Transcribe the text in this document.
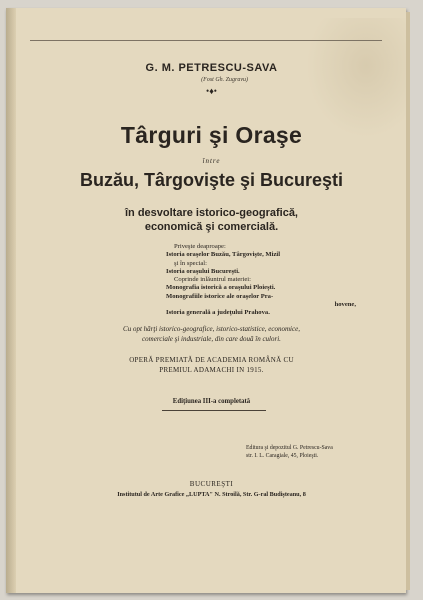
G. M. PETRESCU-SAVA
(Fost Gh. Zugravu)
•♦•
Târguri şi Oraşe
între
Buzău, Târgovişte şi Bucureşti
în desvoltare istorico-geografică,
economică şi comercială.
Priveşte deaproape:
Istoria oraşelor Buzău, Târgovişte, Mizil
şi în special:
Istoria oraşului Bucureşti.
Coprinde inlăuntrul materiei:
Monografia istorică a oraşului Ploieşti.
Monografiile istorice ale oraşelor Pra-
hovene,
Istoria generală a judeţului Prahova.
Cu opt hărţi istorico-geografice, istorico-statistice, economice,
comerciale şi industriale, din care două în culori.
OPERĂ PREMIATĂ DE ACADEMIA ROMÂNĂ CU
PREMIUL ADAMACHI IN 1915.
Ediţiunea III-a completată
Editura şi depozitul G. Petrescu-Sava
str. I. L. Caragiale, 45, Ploieşti.
BUCUREŞTI
Institutul de Arte Grafice „LUPTA" N. Stroilă, Str. G-ral Budişteanu, 8
